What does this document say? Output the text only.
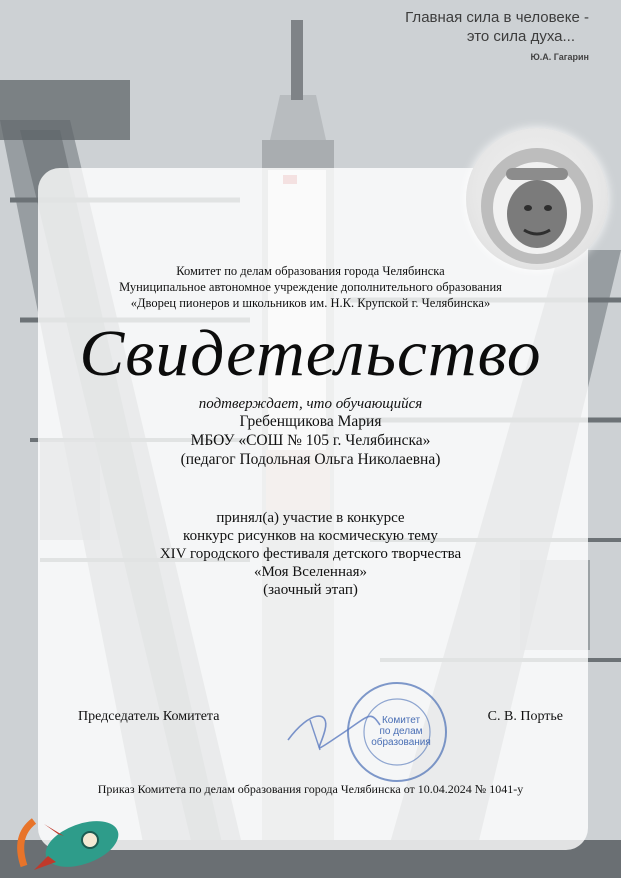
Главная сила в человеке -
это сила духа...
Ю.А. Гагарин
Комитет по делам образования города Челябинска
Муниципальное автономное учреждение дополнительного образования
«Дворец пионеров и школьников им. Н.К. Крупской г. Челябинска»
Свидетельство
подтверждает, что обучающийся
Гребенщикова Мария
МБОУ «СОШ № 105 г. Челябинска»
(педагог Подольная Ольга Николаевна)
принял(а) участие в конкурсе
конкурс рисунков на космическую тему
XIV городского фестиваля детского творчества
«Моя Вселенная»
(заочный этап)
Комитет
по делам
образования
Председатель Комитета	С. В. Портье
Приказ Комитета по делам образования города Челябинска от 10.04.2024 № 1041-у
